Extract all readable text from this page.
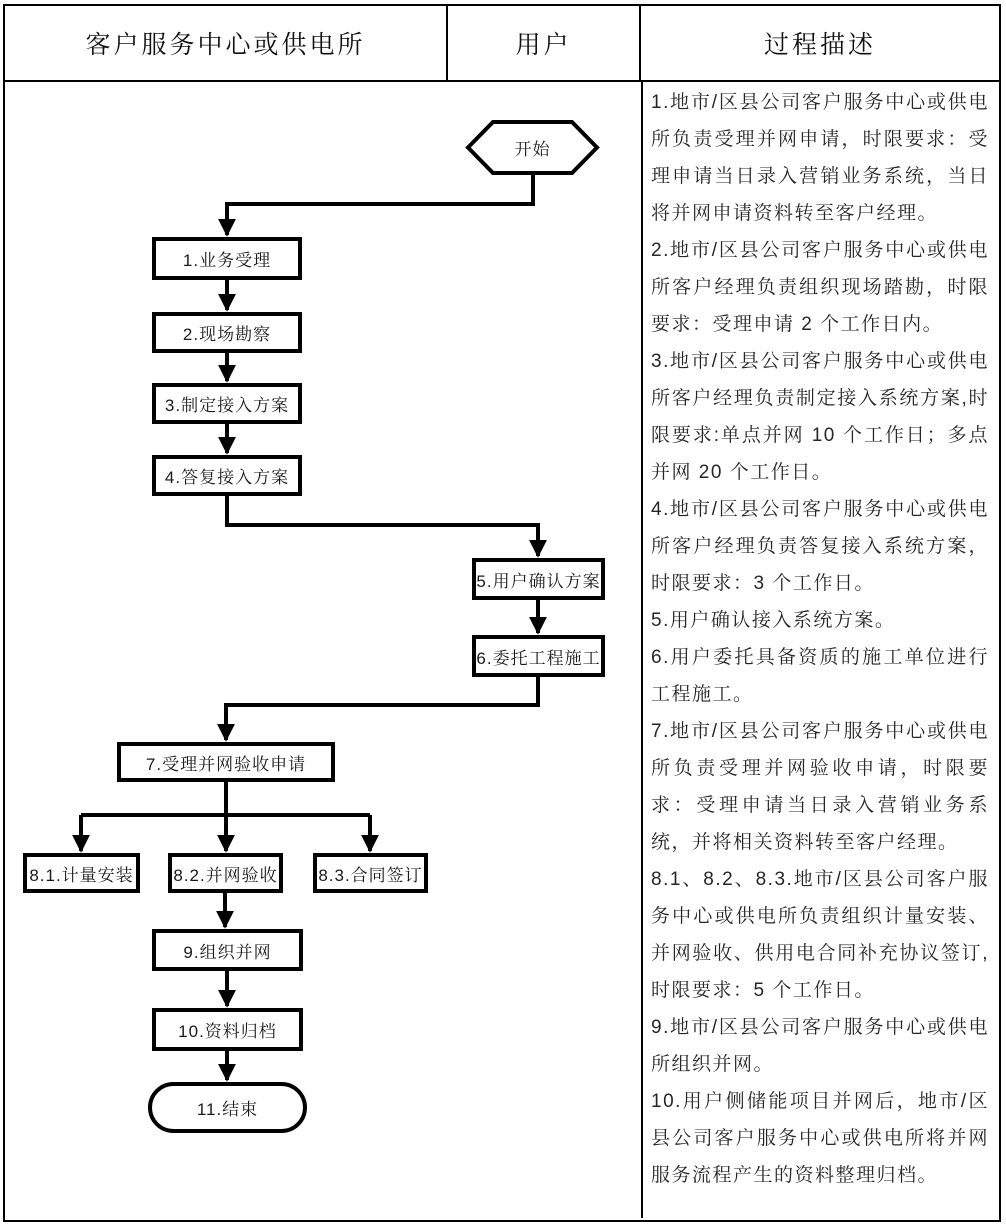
客户服务中心或供电所	用户	过程描述
开始
1.业务受理
2.现场勘察
3.制定接入方案
4.答复接入方案
5.用户确认方案
6.委托工程施工
7.受理并网验收申请
8.1.计量安装	8.2.并网验收	8.3.合同签订
9.组织并网
10.资料归档
11.结束

1.地市/区县公司客户服务中心或供电所负责受理并网申请，时限要求：受理申请当日录入营销业务系统，当日将并网申请资料转至客户经理。

2.地市/区县公司客户服务中心或供电所客户经理负责组织现场踏勘，时限要求：受理申请 2 个工作日内。

3.地市/区县公司客户服务中心或供电所客户经理负责制定接入系统方案,时限要求:单点并网 10 个工作日；多点并网 20 个工作日。

4.地市/区县公司客户服务中心或供电所客户经理负责答复接入系统方案，时限要求：3 个工作日。

5.用户确认接入系统方案。

6.用户委托具备资质的施工单位进行工程施工。

7.地市/区县公司客户服务中心或供电所负责受理并网验收申请，时限要求：受理申请当日录入营销业务系统，并将相关资料转至客户经理。

8.1、8.2、8.3.地市/区县公司客户服务中心或供电所负责组织计量安装、并网验收、供用电合同补充协议签订,时限要求：5 个工作日。

9.地市/区县公司客户服务中心或供电所组织并网。

10.用户侧储能项目并网后，地市/区县公司客户服务中心或供电所将并网服务流程产生的资料整理归档。
